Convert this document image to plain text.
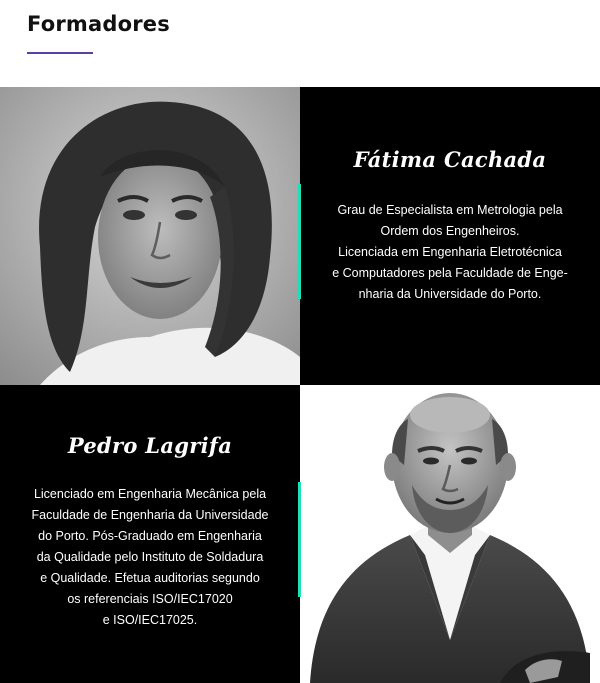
Formadores
Fátima Cachada
Grau de Especialista em Metrologia pela
Ordem dos Engenheiros.
Licenciada em Engenharia Eletrotécnica
e Computadores pela Faculdade de Enge-
nharia da Universidade do Porto.
Pedro Lagrifa
Licenciado em Engenharia Mecânica pela
Faculdade de Engenharia da Universidade
do Porto. Pós-Graduado em Engenharia
da Qualidade pelo Instituto de Soldadura
e Qualidade. Efetua auditorias segundo
os referenciais ISO/IEC17020
e ISO/IEC17025.
